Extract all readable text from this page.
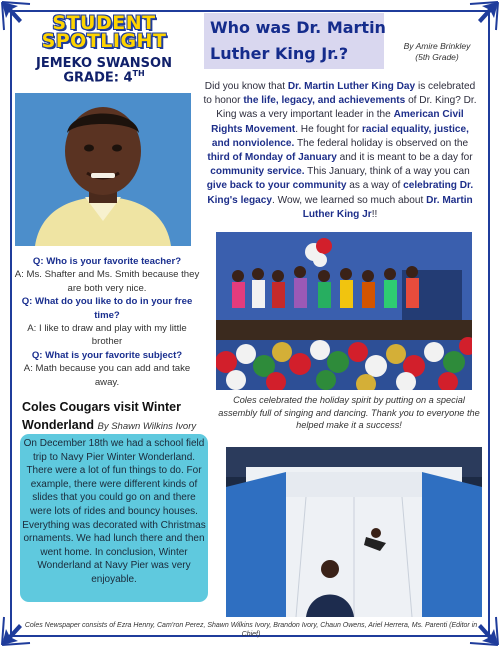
STUDENT
SPOTLIGHT
JEMEKO SWANSON
GRADE: 4TH
Who was Dr. Martin Luther King Jr.?	By Amire Brinkley
(5th Grade)
Did you know that Dr. Martin Luther King Day is celebrated to honor the life, legacy, and achievements of Dr. King? Dr. King was a very important leader in the American Civil Rights Movement. He fought for racial equality, justice, and nonviolence. The federal holiday is observed on the third of Monday of January and it is meant to be a day for community service. This January, think of a way you can give back to your community as a way of celebrating Dr. King's legacy. Wow, we learned so much about Dr. Martin Luther King Jr!!
Q: Who is your favorite teacher?
A: Ms. Shafter and Ms. Smith because they are both very nice.
Q: What do you like to do in your free time?
A: I like to draw and play with my little brother
Q: What is your favorite subject?
A: Math because you can add and take away.
Coles celebrated the holiday spirit by putting on a special assembly full of singing and dancing. Thank you to everyone the helped make it a success!
Coles Cougars visit Winter Wonderland By Shawn Wilkins Ivory
On December 18th we had a school field trip to Navy Pier Winter Wonderland. There were a lot of fun things to do. For example, there were different kinds of slides that you could go on and there were lots of rides and bouncy houses. Everything was decorated with Christmas ornaments. We had lunch there and then went home. In conclusion, Winter Wonderland at Navy Pier was very enjoyable.
Coles Newspaper consists of Ezra Henny, Cam'ron Perez, Shawn Wilkins Ivory, Brandon Ivory, Chaun Owens, Ariel Herrera, Ms. Parenti (Editor in Chief)
